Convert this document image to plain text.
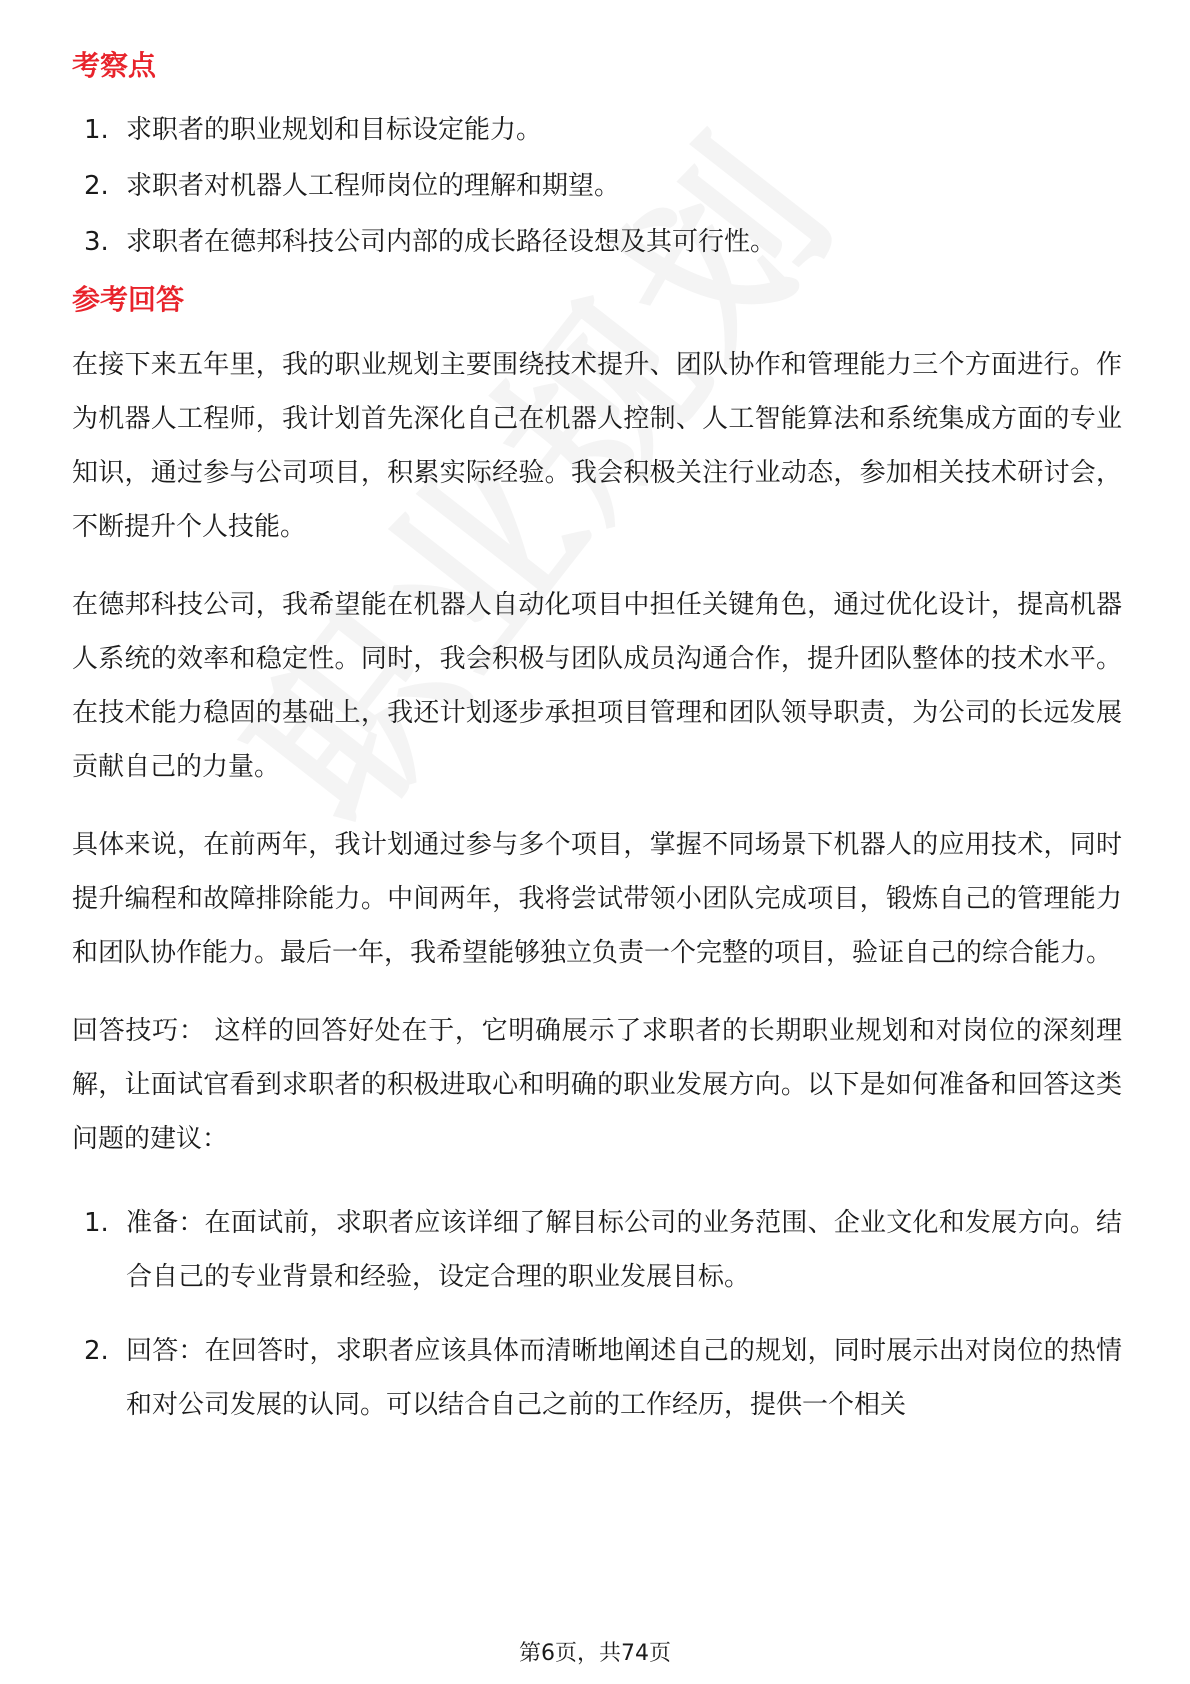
考察点
1. 求职者的职业规划和目标设定能力。
2. 求职者对机器人工程师岗位的理解和期望。
3. 求职者在德邦科技公司内部的成长路径设想及其可行性。
参考回答

在接下来五年里，我的职业规划主要围绕技术提升、团队协作和管理能力三个方面进行。作为机器人工程师，我计划首先深化自己在机器人控制、人工智能算法和系统集成方面的专业知识，通过参与公司项目，积累实际经验。我会积极关注行业动态，参加相关技术研讨会，不断提升个人技能。

在德邦科技公司，我希望能在机器人自动化项目中担任关键角色，通过优化设计，提高机器人系统的效率和稳定性。同时，我会积极与团队成员沟通合作，提升团队整体的技术水平。在技术能力稳固的基础上，我还计划逐步承担项目管理和团队领导职责，为公司的长远发展贡献自己的力量。

具体来说，在前两年，我计划通过参与多个项目，掌握不同场景下机器人的应用技术，同时提升编程和故障排除能力。中间两年，我将尝试带领小团队完成项目，锻炼自己的管理能力和团队协作能力。最后一年，我希望能够独立负责一个完整的项目，验证自己的综合能力。

回答技巧： 这样的回答好处在于，它明确展示了求职者的长期职业规划和对岗位的深刻理解，让面试官看到求职者的积极进取心和明确的职业发展方向。以下是如何准备和回答这类问题的建议：

1. 准备：在面试前，求职者应该详细了解目标公司的业务范围、企业文化和发展方向。结合自己的专业背景和经验，设定合理的职业发展目标。
2. 回答：在回答时，求职者应该具体而清晰地阐述自己的规划，同时展示出对岗位的热情和对公司发展的认同。可以结合自己之前的工作经历，提供一个相关
第6页，共74页
